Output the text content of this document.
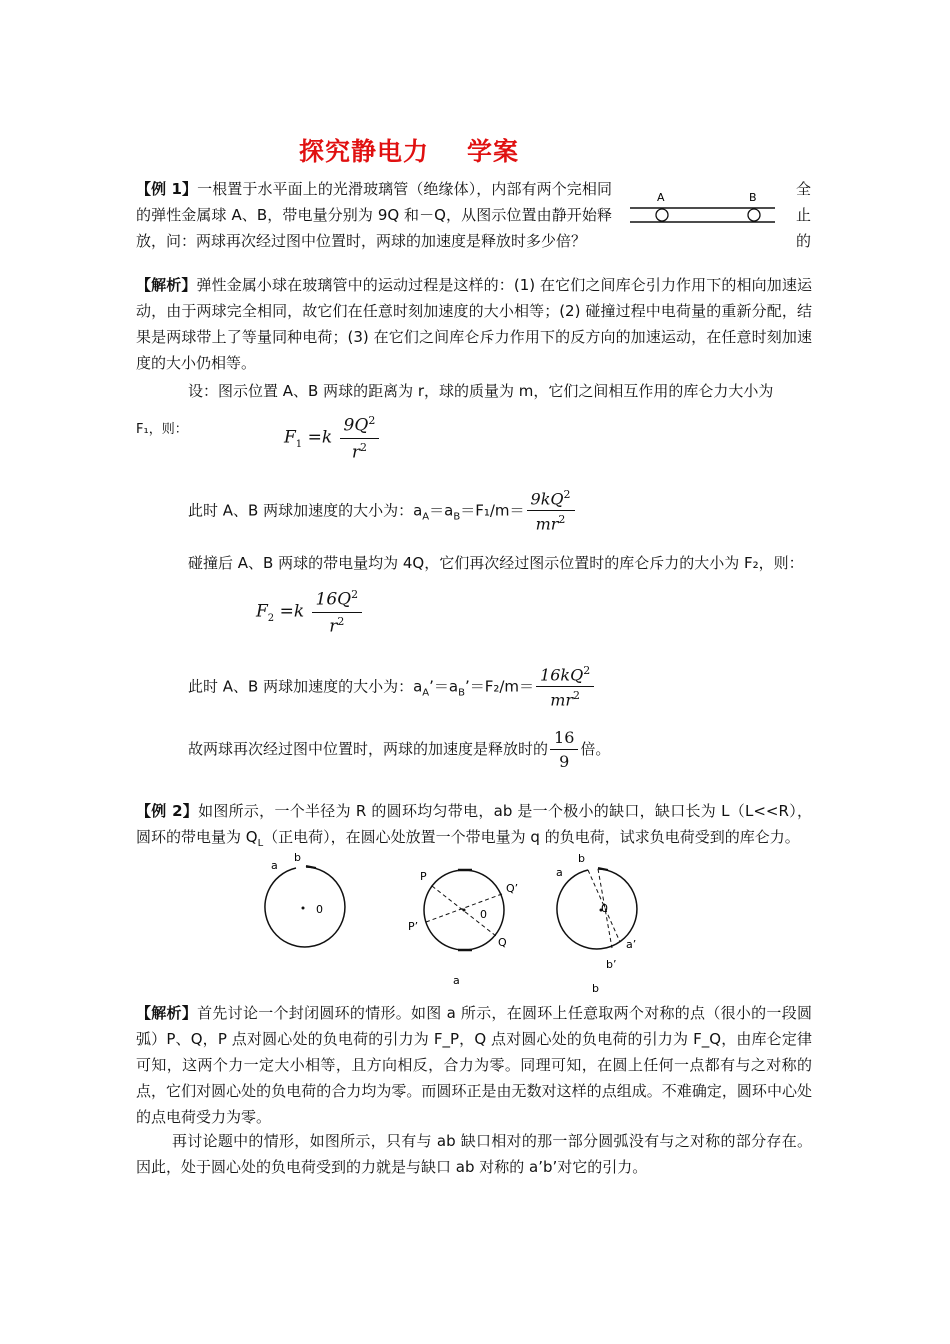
探究静电力 学案
【例 1】一根置于水平面上的光滑玻璃管（绝缘体），内部有两个完相同的弹性金属球 A、B，带电量分别为 9Q 和－Q，从图示位置由静开始释放，问：两球再次经过图中位置时，两球的加速度是释放时多少倍？
全
止
的
A	B
【解析】弹性金属小球在玻璃管中的运动过程是这样的：(1) 在它们之间库仑引力作用下的相向加速运动，由于两球完全相同，故它们在任意时刻加速度的大小相等；(2) 碰撞过程中电荷量的重新分配，结果是两球带上了等量同种电荷；(3) 在它们之间库仑斥力作用下的反方向的加速运动，在任意时刻加速度的大小仍相等。
设：图示位置 A、B 两球的距离为 r，球的质量为 m，它们之间相互作用的库仑力大小为
F₁，则：	$F_1 =k \frac{9Q^2}{r^2}$
此时 A、B 两球加速度的大小为：$a_A=a_B=F_1/m= \frac{9kQ^2}{mr^2}$
碰撞后 A、B 两球的带电量均为 4Q，它们再次经过图示位置时的库仑斥力的大小为 F₂，则：
$F_2 =k \frac{16Q^2}{r^2}$
此时 A、B 两球加速度的大小为：$a_A’=a_B’=F_2/m= \frac{16kQ^2}{mr^2}$
故两球再次经过图中位置时，两球的加速度是释放时的 $\frac{16}{9}$ 倍。
【例 2】如图所示，一个半径为 R 的圆环均匀带电，ab 是一个极小的缺口，缺口长为 L（L<<R），圆环的带电量为 $Q_L$（正电荷），在圆心处放置一个带电量为 q 的负电荷，试求负电荷受到的库仑力。
a
b
0
P
Q’
0
P’
Q
a
a
b
0
a’
b’
b
【解析】首先讨论一个封闭圆环的情形。如图 a 所示，在圆环上任意取两个对称的点（很小的一段圆弧）P、Q，P 点对圆心处的负电荷的引力为 F_P，Q 点对圆心处的负电荷的引力为 F_Q，由库仑定律可知，这两个力一定大小相等，且方向相反，合力为零。同理可知，在圆上任何一点都有与之对称的点，它们对圆心处的负电荷的合力均为零。而圆环正是由无数对这样的点组成。不难确定，圆环中心处的点电荷受力为零。
再讨论题中的情形，如图所示，只有与 ab 缺口相对的那一部分圆弧没有与之对称的部分存在。因此，处于圆心处的负电荷受到的力就是与缺口 ab 对称的 a’b’对它的引力。
